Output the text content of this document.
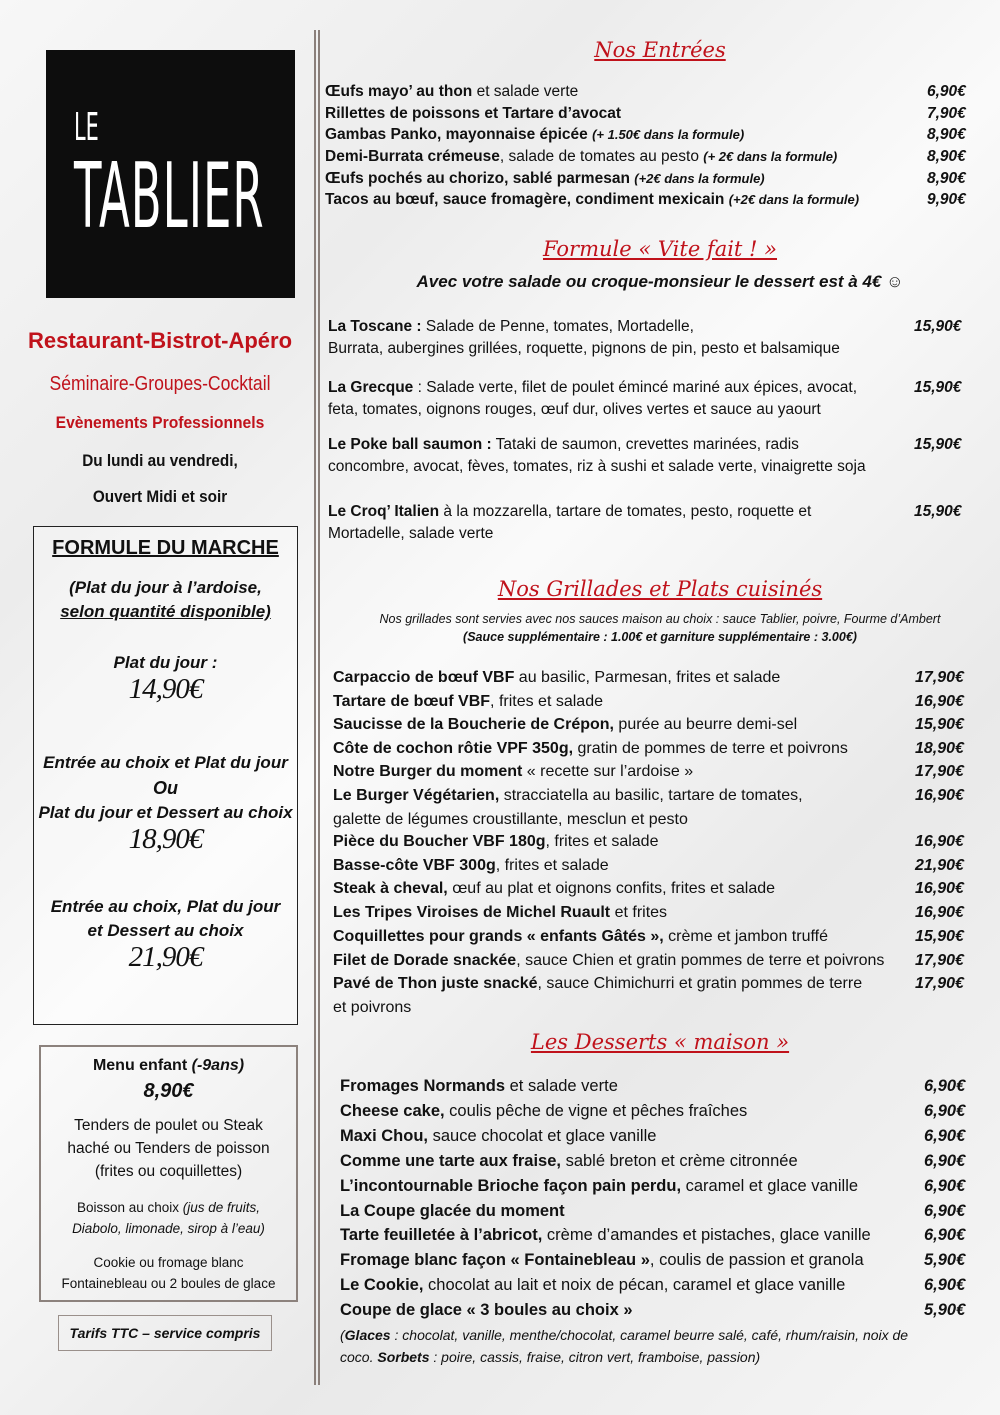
LE
TABLIER
Restaurant-Bistrot-Apéro
Séminaire-Groupes-Cocktail
Evènements Professionnels
Du lundi au vendredi,
Ouvert Midi et soir
FORMULE DU MARCHE
(Plat du jour à l’ardoise,
selon quantité disponible)
Plat du jour :
14,90€
Entrée au choix et Plat du jour
Ou
Plat du jour et Dessert au choix
18,90€
Entrée au choix, Plat du jour
et Dessert au choix
21,90€
Menu enfant (-9ans)
8,90€
Tenders de poulet ou Steak
haché ou Tenders de poisson
(frites ou coquillettes)
Boisson au choix (jus de fruits,
Diabolo, limonade, sirop à l’eau)
Cookie ou fromage blanc
Fontainebleau ou 2 boules de glace
Tarifs TTC – service compris
Nos Entrées
Œufs mayo’ au thon et salade verte	6,90€
Rillettes de poissons et Tartare d’avocat	7,90€
Gambas Panko, mayonnaise épicée (+ 1.50€ dans la formule)	8,90€
Demi-Burrata crémeuse, salade de tomates au pesto (+ 2€ dans la formule)	8,90€
Œufs pochés au chorizo, sablé parmesan (+2€ dans la formule)	8,90€
Tacos au bœuf, sauce fromagère, condiment mexicain (+2€ dans la formule)	9,90€
Formule « Vite fait ! »
Avec votre salade ou croque-monsieur le dessert est à 4€ ☺
La Toscane : Salade de Penne, tomates, Mortadelle,
Burrata, aubergines grillées, roquette, pignons de pin, pesto et balsamique
15,90€
La Grecque : Salade verte, filet de poulet émincé mariné aux épices, avocat,
feta, tomates, oignons rouges, œuf dur, olives vertes et sauce au yaourt
15,90€
Le Poke ball saumon : Tataki de saumon, crevettes marinées, radis
concombre, avocat, fèves, tomates, riz à sushi et salade verte, vinaigrette soja
15,90€
Le Croq’ Italien à la mozzarella, tartare de tomates, pesto, roquette et
Mortadelle, salade verte
15,90€
Nos Grillades et Plats cuisinés
Nos grillades sont servies avec nos sauces maison au choix : sauce Tablier, poivre, Fourme d’Ambert
(Sauce supplémentaire : 1.00€ et garniture supplémentaire : 3.00€)
Carpaccio de bœuf VBF au basilic, Parmesan, frites et salade	17,90€
Tartare de bœuf VBF, frites et salade	16,90€
Saucisse de la Boucherie de Crépon, purée au beurre demi-sel	15,90€
Côte de cochon rôtie VPF 350g, gratin de pommes de terre et poivrons	18,90€
Notre Burger du moment « recette sur l’ardoise »	17,90€
Le Burger Végétarien, stracciatella au basilic, tartare de tomates,
galette de légumes croustillante, mesclun et pesto
16,90€
Pièce du Boucher VBF 180g, frites et salade	16,90€
Basse-côte VBF 300g, frites et salade	21,90€
Steak à cheval, œuf au plat et oignons confits, frites et salade	16,90€
Les Tripes Viroises de Michel Ruault et frites	16,90€
Coquillettes pour grands « enfants Gâtés », crème et jambon truffé	15,90€
Filet de Dorade snackée, sauce Chien et gratin pommes de terre et poivrons 17,90€
Pavé de Thon juste snacké, sauce Chimichurri et gratin pommes de terre
et poivrons
17,90€
Les Desserts « maison »
Fromages Normands et salade verte	6,90€
Cheese cake, coulis pêche de vigne et pêches fraîches	6,90€
Maxi Chou, sauce chocolat et glace vanille	6,90€
Comme une tarte aux fraise, sablé breton et crème citronnée	6,90€
L’incontournable Brioche façon pain perdu, caramel et glace vanille	6,90€
La Coupe glacée du moment	6,90€
Tarte feuilletée à l’abricot, crème d’amandes et pistaches, glace vanille	6,90€
Fromage blanc façon « Fontainebleau », coulis de passion et granola	5,90€
Le Cookie, chocolat au lait et noix de pécan, caramel et glace vanille	6,90€
Coupe de glace « 3 boules au choix »	5,90€
(Glaces : chocolat, vanille, menthe/chocolat, caramel beurre salé, café, rhum/raisin, noix de
coco. Sorbets : poire, cassis, fraise, citron vert, framboise, passion)
